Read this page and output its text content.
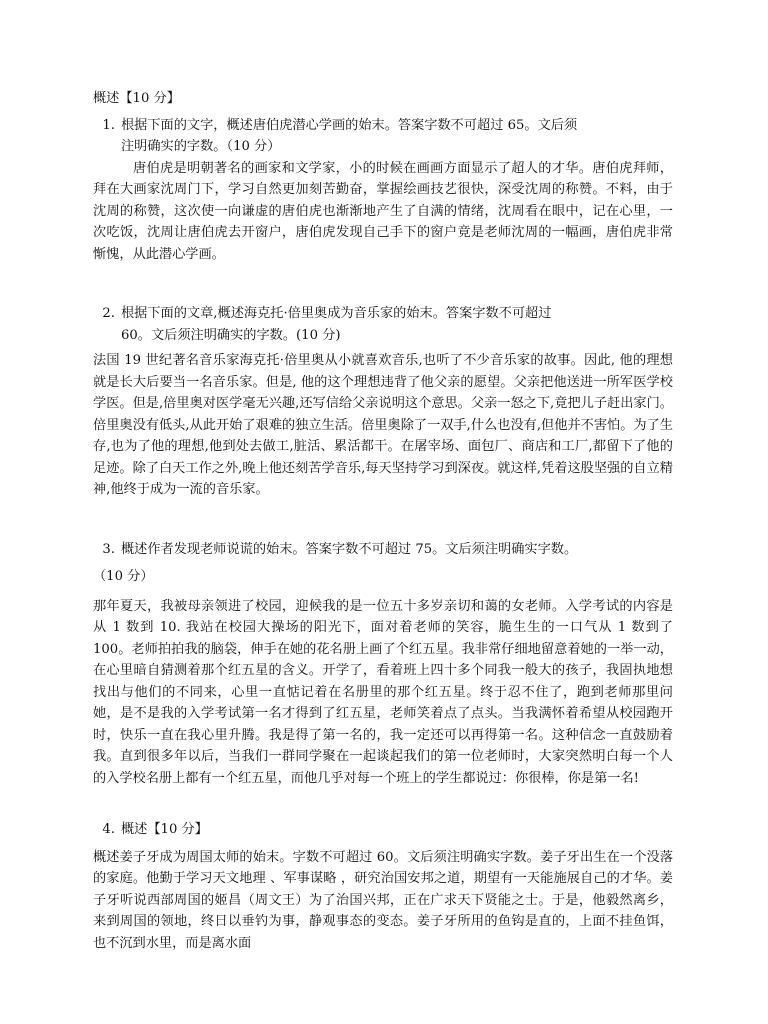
概述【10 分】

1. 根据下面的文字，概述唐伯虎潜心学画的始末。答案字数不可超过 65。文后须
注明确实的字数。（10 分）

唐伯虎是明朝著名的画家和文学家，小的时候在画画方面显示了超人的才华。唐伯虎拜师，拜在大画家沈周门下，学习自然更加刻苦勤奋，掌握绘画技艺很快，深受沈周的称赞。不料，由于沈周的称赞，这次使一向谦虚的唐伯虎也渐渐地产生了自满的情绪，沈周看在眼中，记在心里，一次吃饭，沈周让唐伯虎去开窗户，唐伯虎发现自己手下的窗户竟是老师沈周的一幅画，唐伯虎非常惭愧，从此潜心学画。

2. 根据下面的文章,概述海克托·倍里奥成为音乐家的始末。答案字数不可超过
60。文后须注明确实的字数。(10 分)

法国 19 世纪著名音乐家海克托·倍里奥从小就喜欢音乐,也听了不少音乐家的故事。因此, 他的理想就是长大后要当一名音乐家。但是, 他的这个理想违背了他父亲的愿望。父亲把他送进一所军医学校学医。但是,倍里奥对医学毫无兴趣,还写信给父亲说明这个意思。父亲一怒之下,竟把儿子赶出家门。倍里奥没有低头,从此开始了艰难的独立生活。倍里奥除了一双手,什么也没有,但他并不害怕。为了生存,也为了他的理想,他到处去做工,脏活、累活都干。在屠宰场、面包厂、商店和工厂,都留下了他的足迹。除了白天工作之外,晚上他还刻苦学音乐,每天坚持学习到深夜。就这样,凭着这股坚强的自立精神,他终于成为一流的音乐家。

3. 概述作者发现老师说谎的始末。答案字数不可超过 75。文后须注明确实字数。

（10 分）

那年夏天，我被母亲领进了校园，迎候我的是一位五十多岁亲切和蔼的女老师。入学考试的内容是从 1 数到 10. 我站在校园大操场的阳光下，面对着老师的笑容，脆生生的一口气从 1 数到了 100。老师拍拍我的脑袋，伸手在她的花名册上画了个红五星。我非常仔细地留意着她的一举一动，在心里暗自猜测着那个红五星的含义。开学了，看着班上四十多个同我一般大的孩子，我固执地想找出与他们的不同来，心里一直惦记着在名册里的那个红五星。终于忍不住了，跑到老师那里问她，是不是我的入学考试第一名才得到了红五星，老师笑着点了点头。当我满怀着希望从校园跑开时，快乐一直在我心里升腾。我是得了第一名的，我一定还可以再得第一名。这种信念一直鼓励着我。直到很多年以后，当我们一群同学聚在一起谈起我们的第一位老师时，大家突然明白每一个人的入学校名册上都有一个红五星，而他几乎对每一个班上的学生都说过：你很棒，你是第一名!

4. 概述【10 分】

概述姜子牙成为周国太师的始末。字数不可超过 60。文后须注明确实字数。姜子牙出生在一个没落的家庭。他勤于学习天文地理 、军事谋略 ，研究治国安邦之道，期望有一天能施展自己的才华。姜子牙听说西部周国的姬昌（周文王）为了治国兴邦，正在广求天下贤能之士。于是，他毅然离乡，来到周国的领地，终日以垂钓为事，静观事态的变态。姜子牙所用的鱼钩是直的，上面不挂鱼饵，也不沉到水里，而是离水面
